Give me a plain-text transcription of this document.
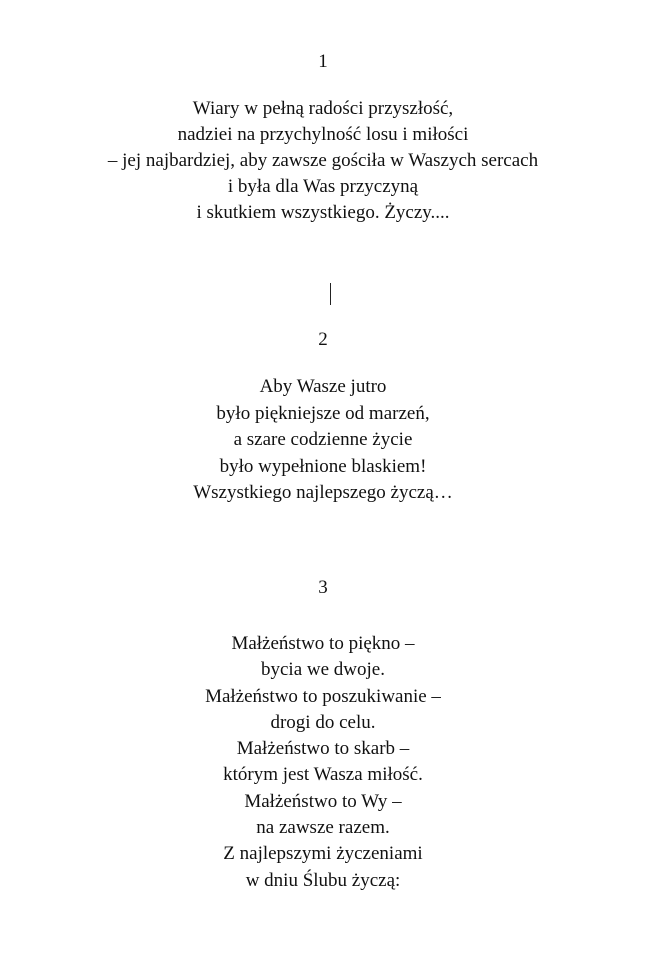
1
Wiary w pełną radości przyszłość,
nadziei na przychylność losu i miłości
– jej najbardziej, aby zawsze gościła w Waszych sercach
i była dla Was przyczyną
i skutkiem wszystkiego. Życzy....
2
Aby Wasze jutro
było piękniejsze od marzeń,
a szare codzienne życie
było wypełnione blaskiem!
Wszystkiego najlepszego życzą…
3
Małżeństwo to piękno –
bycia we dwoje.
Małżeństwo to poszukiwanie –
drogi do celu.
Małżeństwo to skarb –
którym jest Wasza miłość.
Małżeństwo to Wy –
na zawsze razem.
Z najlepszymi życzeniami
w dniu Ślubu życzą:
